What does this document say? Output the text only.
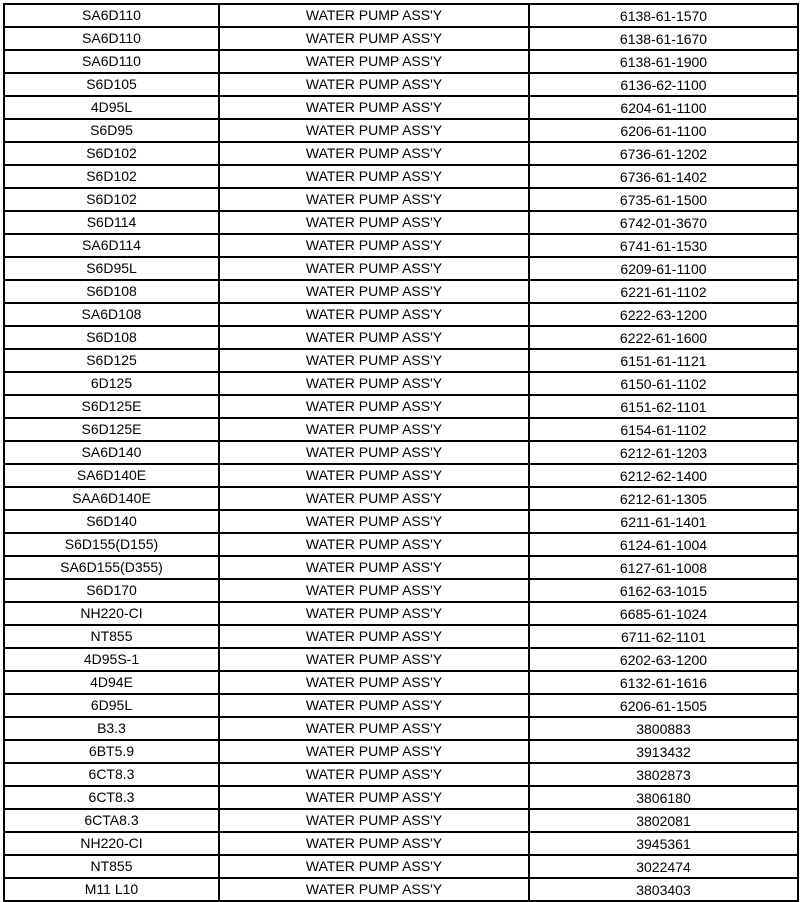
SA6D110	WATER PUMP ASS'Y	6138-61-1570
SA6D110	WATER PUMP ASS'Y	6138-61-1670
SA6D110	WATER PUMP ASS'Y	6138-61-1900
S6D105	WATER PUMP ASS'Y	6136-62-1100
4D95L	WATER PUMP ASS'Y	6204-61-1100
S6D95	WATER PUMP ASS'Y	6206-61-1100
S6D102	WATER PUMP ASS'Y	6736-61-1202
S6D102	WATER PUMP ASS'Y	6736-61-1402
S6D102	WATER PUMP ASS'Y	6735-61-1500
S6D114	WATER PUMP ASS'Y	6742-01-3670
SA6D114	WATER PUMP ASS'Y	6741-61-1530
S6D95L	WATER PUMP ASS'Y	6209-61-1100
S6D108	WATER PUMP ASS'Y	6221-61-1102
SA6D108	WATER PUMP ASS'Y	6222-63-1200
S6D108	WATER PUMP ASS'Y	6222-61-1600
S6D125	WATER PUMP ASS'Y	6151-61-1121
6D125	WATER PUMP ASS'Y	6150-61-1102
S6D125E	WATER PUMP ASS'Y	6151-62-1101
S6D125E	WATER PUMP ASS'Y	6154-61-1102
SA6D140	WATER PUMP ASS'Y	6212-61-1203
SA6D140E	WATER PUMP ASS'Y	6212-62-1400
SAA6D140E	WATER PUMP ASS'Y	6212-61-1305
S6D140	WATER PUMP ASS'Y	6211-61-1401
S6D155(D155)	WATER PUMP ASS'Y	6124-61-1004
SA6D155(D355)	WATER PUMP ASS'Y	6127-61-1008
S6D170	WATER PUMP ASS'Y	6162-63-1015
NH220-CI	WATER PUMP ASS'Y	6685-61-1024
NT855	WATER PUMP ASS'Y	6711-62-1101
4D95S-1	WATER PUMP ASS'Y	6202-63-1200
4D94E	WATER PUMP ASS'Y	6132-61-1616
6D95L	WATER PUMP ASS'Y	6206-61-1505
B3.3	WATER PUMP ASS'Y	3800883
6BT5.9	WATER PUMP ASS'Y	3913432
6CT8.3	WATER PUMP ASS'Y	3802873
6CT8.3	WATER PUMP ASS'Y	3806180
6CTA8.3	WATER PUMP ASS'Y	3802081
NH220-CI	WATER PUMP ASS'Y	3945361
NT855	WATER PUMP ASS'Y	3022474
M11 L10	WATER PUMP ASS'Y	3803403
